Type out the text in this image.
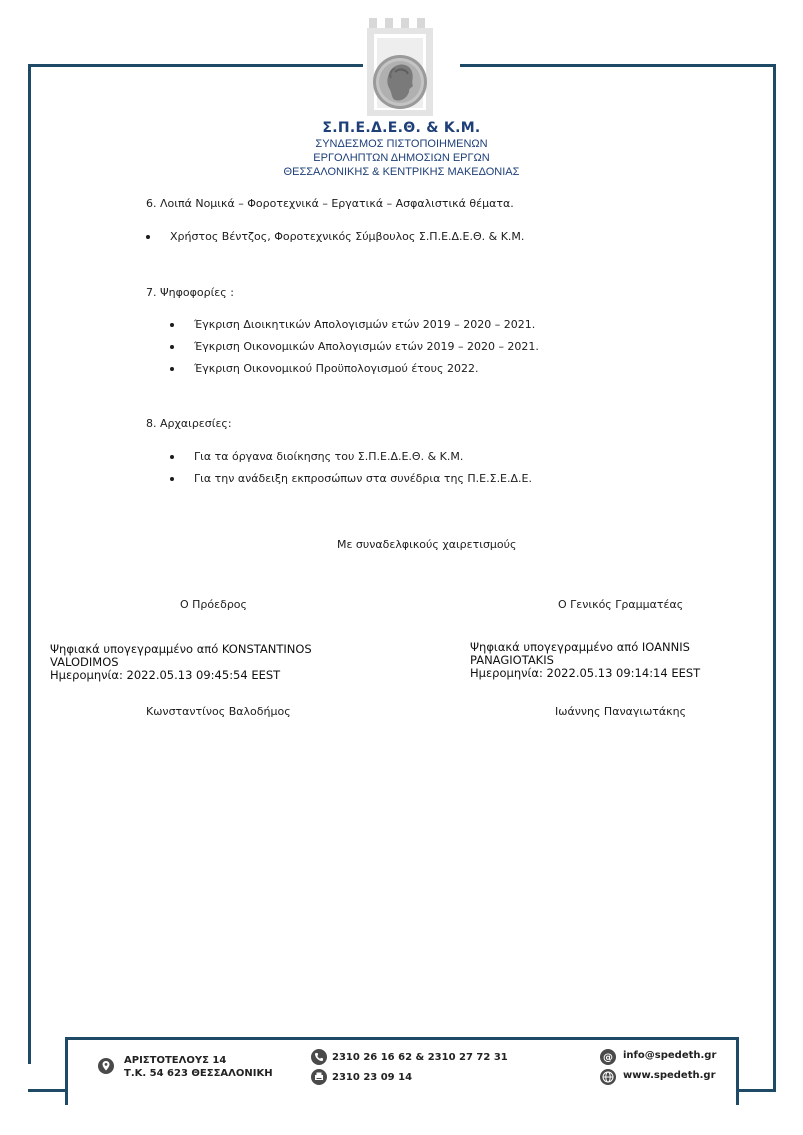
Σ.Π.Ε.Δ.Ε.Θ. & Κ.Μ.
ΣΥΝΔΕΣΜΟΣ ΠΙΣΤΟΠΟΙΗΜΕΝΩΝ
ΕΡΓΟΛΗΠΤΩΝ ΔΗΜΟΣΙΩΝ ΕΡΓΩΝ
ΘΕΣΣΑΛΟΝΙΚΗΣ & ΚΕΝΤΡΙΚΗΣ ΜΑΚΕΔΟΝΙΑΣ
6. Λοιπά Νομικά – Φοροτεχνικά – Εργατικά – Ασφαλιστικά θέματα.
Χρήστος Βέντζος, Φοροτεχνικός Σύμβουλος Σ.Π.Ε.Δ.Ε.Θ. & Κ.Μ.
7. Ψηφοφορίες :
Έγκριση Διοικητικών Απολογισμών ετών 2019 – 2020 – 2021.
Έγκριση Οικονομικών Απολογισμών ετών 2019 – 2020 – 2021.
Έγκριση Οικονομικού Προϋπολογισμού έτους 2022.
8. Αρχαιρεσίες:
Για τα όργανα διοίκησης του Σ.Π.Ε.Δ.Ε.Θ. & Κ.Μ.
Για την ανάδειξη εκπροσώπων στα συνέδρια της Π.Ε.Σ.Ε.Δ.Ε.
Με συναδελφικούς χαιρετισμούς
Ο Πρόεδρος	Ο Γενικός Γραμματέας
Ψηφιακά υπογεγραμμένο από KONSTANTINOS
VALODIMOS
Ημερομηνία: 2022.05.13 09:45:54 EEST
Ψηφιακά υπογεγραμμένο από IOANNIS
PANAGIOTAKIS
Ημερομηνία: 2022.05.13 09:14:14 EEST
Κωνσταντίνος Βαλοδήμος	Ιωάννης Παναγιωτάκης
ΑΡΙΣΤΟΤΕΛΟΥΣ 14
Τ.Κ. 54 623 ΘΕΣΣΑΛΟΝΙΚΗ
2310 26 16 62 & 2310 27 72 31
2310 23 09 14
@ info@spedeth.gr
www.spedeth.gr
